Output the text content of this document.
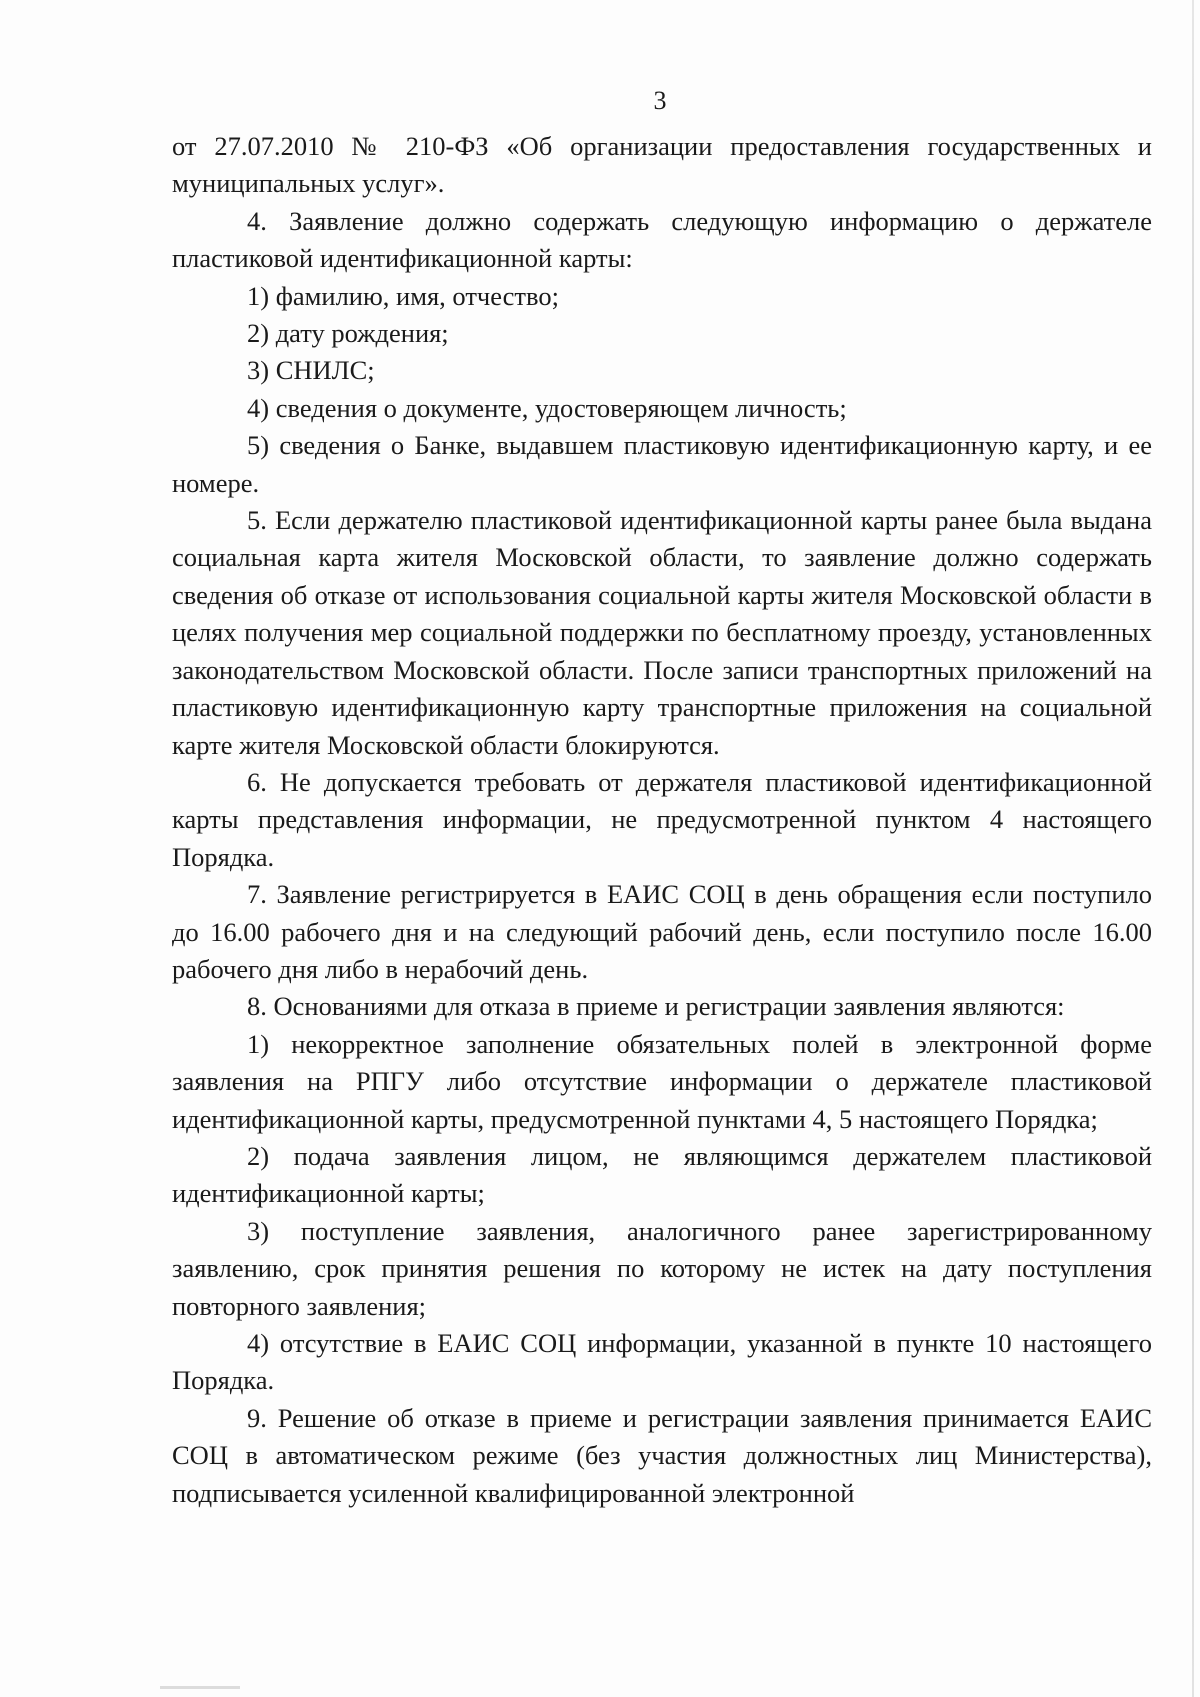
3

от 27.07.2010 № 210-ФЗ «Об организации предоставления государственных и муниципальных услуг».

4. Заявление должно содержать следующую информацию о держателе пластиковой идентификационной карты:

1) фамилию, имя, отчество;

2) дату рождения;

3) СНИЛС;

4) сведения о документе, удостоверяющем личность;

5) сведения о Банке, выдавшем пластиковую идентификационную карту, и ее номере.

5. Если держателю пластиковой идентификационной карты ранее была выдана социальная карта жителя Московской области, то заявление должно содержать сведения об отказе от использования социальной карты жителя Московской области в целях получения мер социальной поддержки по бесплатному проезду, установленных законодательством Московской области. После записи транспортных приложений на пластиковую идентификационную карту транспортные приложения на социальной карте жителя Московской области блокируются.

6. Не допускается требовать от держателя пластиковой идентификационной карты представления информации, не предусмотренной пунктом 4 настоящего Порядка.

7. Заявление регистрируется в ЕАИС СОЦ в день обращения если поступило до 16.00 рабочего дня и на следующий рабочий день, если поступило после 16.00 рабочего дня либо в нерабочий день.

8. Основаниями для отказа в приеме и регистрации заявления являются:

1) некорректное заполнение обязательных полей в электронной форме заявления на РПГУ либо отсутствие информации о держателе пластиковой идентификационной карты, предусмотренной пунктами 4, 5 настоящего Порядка;

2) подача заявления лицом, не являющимся держателем пластиковой идентификационной карты;

3) поступление заявления, аналогичного ранее зарегистрированному заявлению, срок принятия решения по которому не истек на дату поступления повторного заявления;

4) отсутствие в ЕАИС СОЦ информации, указанной в пункте 10 настоящего Порядка.

9. Решение об отказе в приеме и регистрации заявления принимается ЕАИС СОЦ в автоматическом режиме (без участия должностных лиц Министерства), подписывается усиленной квалифицированной электронной
